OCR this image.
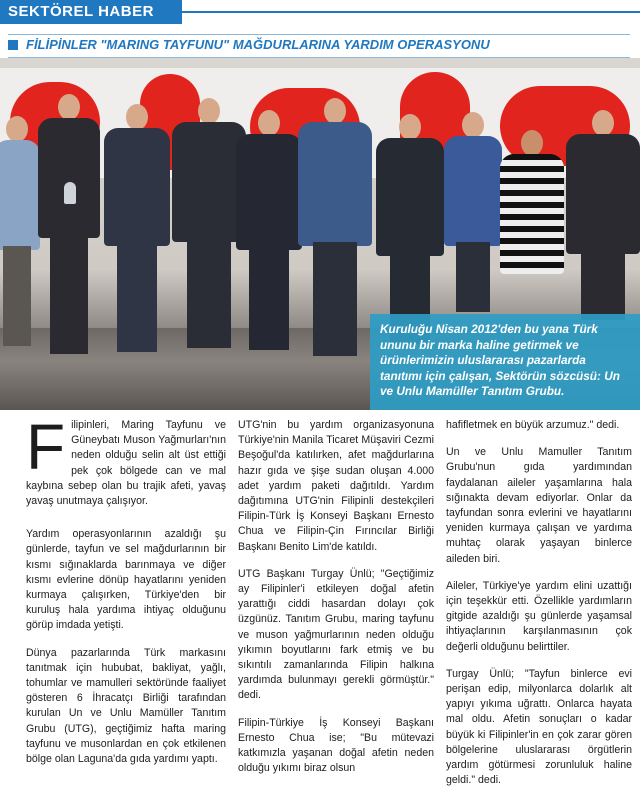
SEKTÖREL HABER
FİLİPİNLER "MARING TAYFUNU" MAĞDURLARINA YARDIM OPERASYONU
Kuruluğu Nisan 2012'den bu yana Türk ununu bir marka haline getirmek ve ürünlerimizin uluslararası pazarlarda tanıtımı için çalışan, Sektörün sözcüsü: Un ve Unlu Mamüller Tanıtım Grubu.

Filipinleri, Maring Tayfunu ve Güneybatı Muson Yağmurları'nın neden olduğu selin alt üst ettiği pek çok bölgede can ve mal kaybına sebep olan bu trajik afeti, yavaş yavaş unutmaya çalışıyor.

Yardım operasyonlarının azaldığı şu günlerde, tayfun ve sel mağdurlarının bir kısmı sığınaklarda barınmaya ve diğer kısmı evlerine dönüp hayatlarını yeniden kurmaya çalışırken, Türkiye'den bir kuruluş hala yardıma ihtiyaç olduğunu görüp imdada yetişti.

Dünya pazarlarında Türk markasını tanıtmak için hububat, bakliyat, yağlı, tohumlar ve mamulleri sektöründe faaliyet gösteren 6 İhracatçı Birliği tarafından kurulan Un ve Unlu Mamüller Tanıtım Grubu (UTG), geçtiğimiz hafta maring tayfunu ve musonlardan en çok etkilenen bölge olan Laguna'da gıda yardımı yaptı.

UTG'nin bu yardım organizasyonuna Türkiye'nin Manila Ticaret Müşaviri Cezmi Beşoğul'da katılırken, afet mağdurlarına hazır gıda ve şişe sudan oluşan 4.000 adet yardım paketi dağıtıldı. Yardım dağıtımına UTG'nin Filipinli destekçileri Filipin-Türk İş Konseyi Başkanı Ernesto Chua ve Filipin-Çin Fırıncılar Birliği Başkanı Benito Lim'de katıldı.

UTG Başkanı Turgay Ünlü; "Geçtiğimiz ay Filipinler'i etkileyen doğal afetin yarattığı ciddi hasardan dolayı çok üzgünüz. Tanıtım Grubu, maring tayfunu ve muson yağmurlarının neden olduğu yıkımın boyutlarını fark etmiş ve bu sıkıntılı zamanlarında Filipin halkına yardımda bulunmayı gerekli görmüştür." dedi.

Filipin-Türkiye İş Konseyi Başkanı Ernesto Chua ise; "Bu mütevazi katkımızla yaşanan doğal afetin neden olduğu yıkımı biraz olsun

hafifletmek en büyük arzumuz." dedi.

Un ve Unlu Mamuller Tanıtım Grubu'nun gıda yardımından faydalanan aileler yaşamlarına hala sığınakta devam ediyorlar. Onlar da tayfundan sonra evlerini ve hayatlarını yeniden kurmaya çalışan ve yardıma muhtaç olarak yaşayan binlerce aileden biri.

Aileler, Türkiye'ye yardım elini uzattığı için teşekkür etti. Özellikle yardımların gitgide azaldığı şu günlerde yaşamsal ihtiyaçlarının karşılanmasının çok değerli olduğunu belirttiler.

Turgay Ünlü; "Tayfun binlerce evi perişan edip, milyonlarca dolarlık alt yapıyı yıkıma uğrattı. Onlarca hayata mal oldu. Afetin sonuçları o kadar büyük ki Filipinler'in en çok zarar gören bölgelerine uluslararası örgütlerin yardım götürmesi zorunluluk haline geldi." dedi.
